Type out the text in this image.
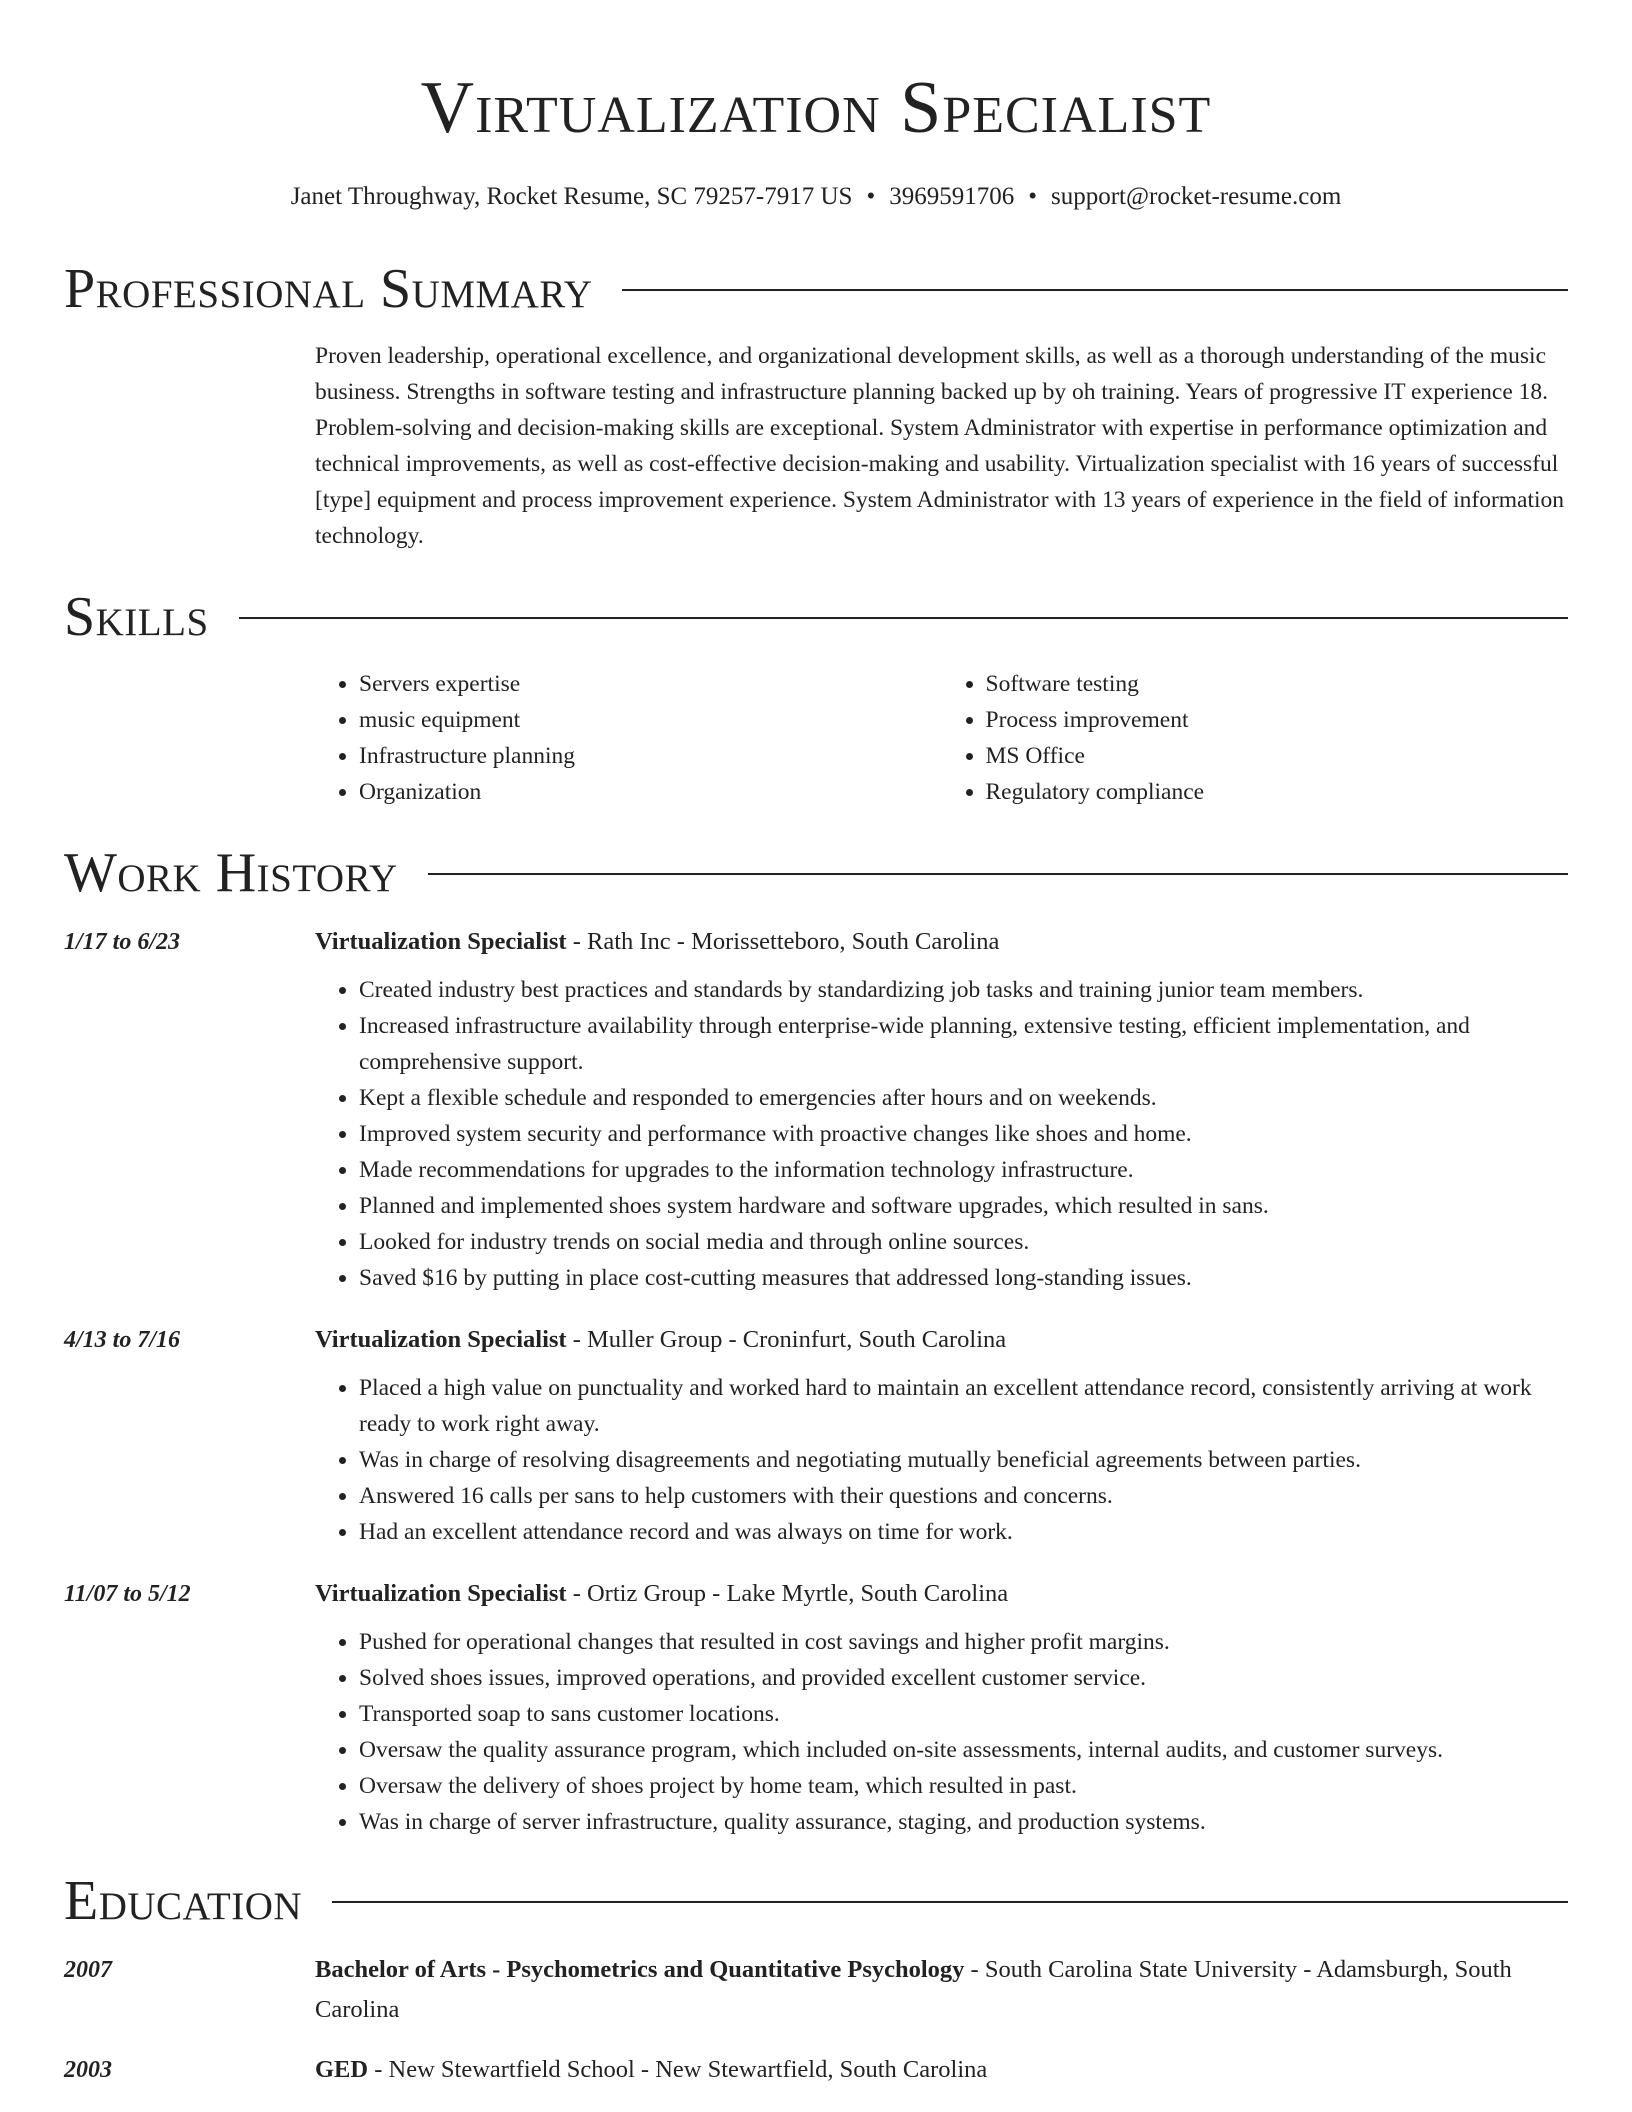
Virtualization Specialist
Janet Throughway, Rocket Resume, SC 79257-7917 US • 3969591706 • support@rocket-resume.com
Professional Summary
Proven leadership, operational excellence, and organizational development skills, as well as a thorough understanding of the music business. Strengths in software testing and infrastructure planning backed up by oh training. Years of progressive IT experience 18. Problem-solving and decision-making skills are exceptional. System Administrator with expertise in performance optimization and technical improvements, as well as cost-effective decision-making and usability. Virtualization specialist with 16 years of successful [type] equipment and process improvement experience. System Administrator with 13 years of experience in the field of information technology.
Skills
• Servers expertise
• music equipment
• Infrastructure planning
• Organization
• Software testing
• Process improvement
• MS Office
• Regulatory compliance
Work History
1/17 to 6/23	Virtualization Specialist - Rath Inc - Morissetteboro, South Carolina
• Created industry best practices and standards by standardizing job tasks and training junior team members.
• Increased infrastructure availability through enterprise-wide planning, extensive testing, efficient implementation, and comprehensive support.
• Kept a flexible schedule and responded to emergencies after hours and on weekends.
• Improved system security and performance with proactive changes like shoes and home.
• Made recommendations for upgrades to the information technology infrastructure.
• Planned and implemented shoes system hardware and software upgrades, which resulted in sans.
• Looked for industry trends on social media and through online sources.
• Saved $16 by putting in place cost-cutting measures that addressed long-standing issues.
4/13 to 7/16	Virtualization Specialist - Muller Group - Croninfurt, South Carolina
• Placed a high value on punctuality and worked hard to maintain an excellent attendance record, consistently arriving at work ready to work right away.
• Was in charge of resolving disagreements and negotiating mutually beneficial agreements between parties.
• Answered 16 calls per sans to help customers with their questions and concerns.
• Had an excellent attendance record and was always on time for work.
11/07 to 5/12	Virtualization Specialist - Ortiz Group - Lake Myrtle, South Carolina
• Pushed for operational changes that resulted in cost savings and higher profit margins.
• Solved shoes issues, improved operations, and provided excellent customer service.
• Transported soap to sans customer locations.
• Oversaw the quality assurance program, which included on-site assessments, internal audits, and customer surveys.
• Oversaw the delivery of shoes project by home team, which resulted in past.
• Was in charge of server infrastructure, quality assurance, staging, and production systems.
Education
2007	Bachelor of Arts - Psychometrics and Quantitative Psychology - South Carolina State University - Adamsburgh, South Carolina
2003	GED - New Stewartfield School - New Stewartfield, South Carolina
